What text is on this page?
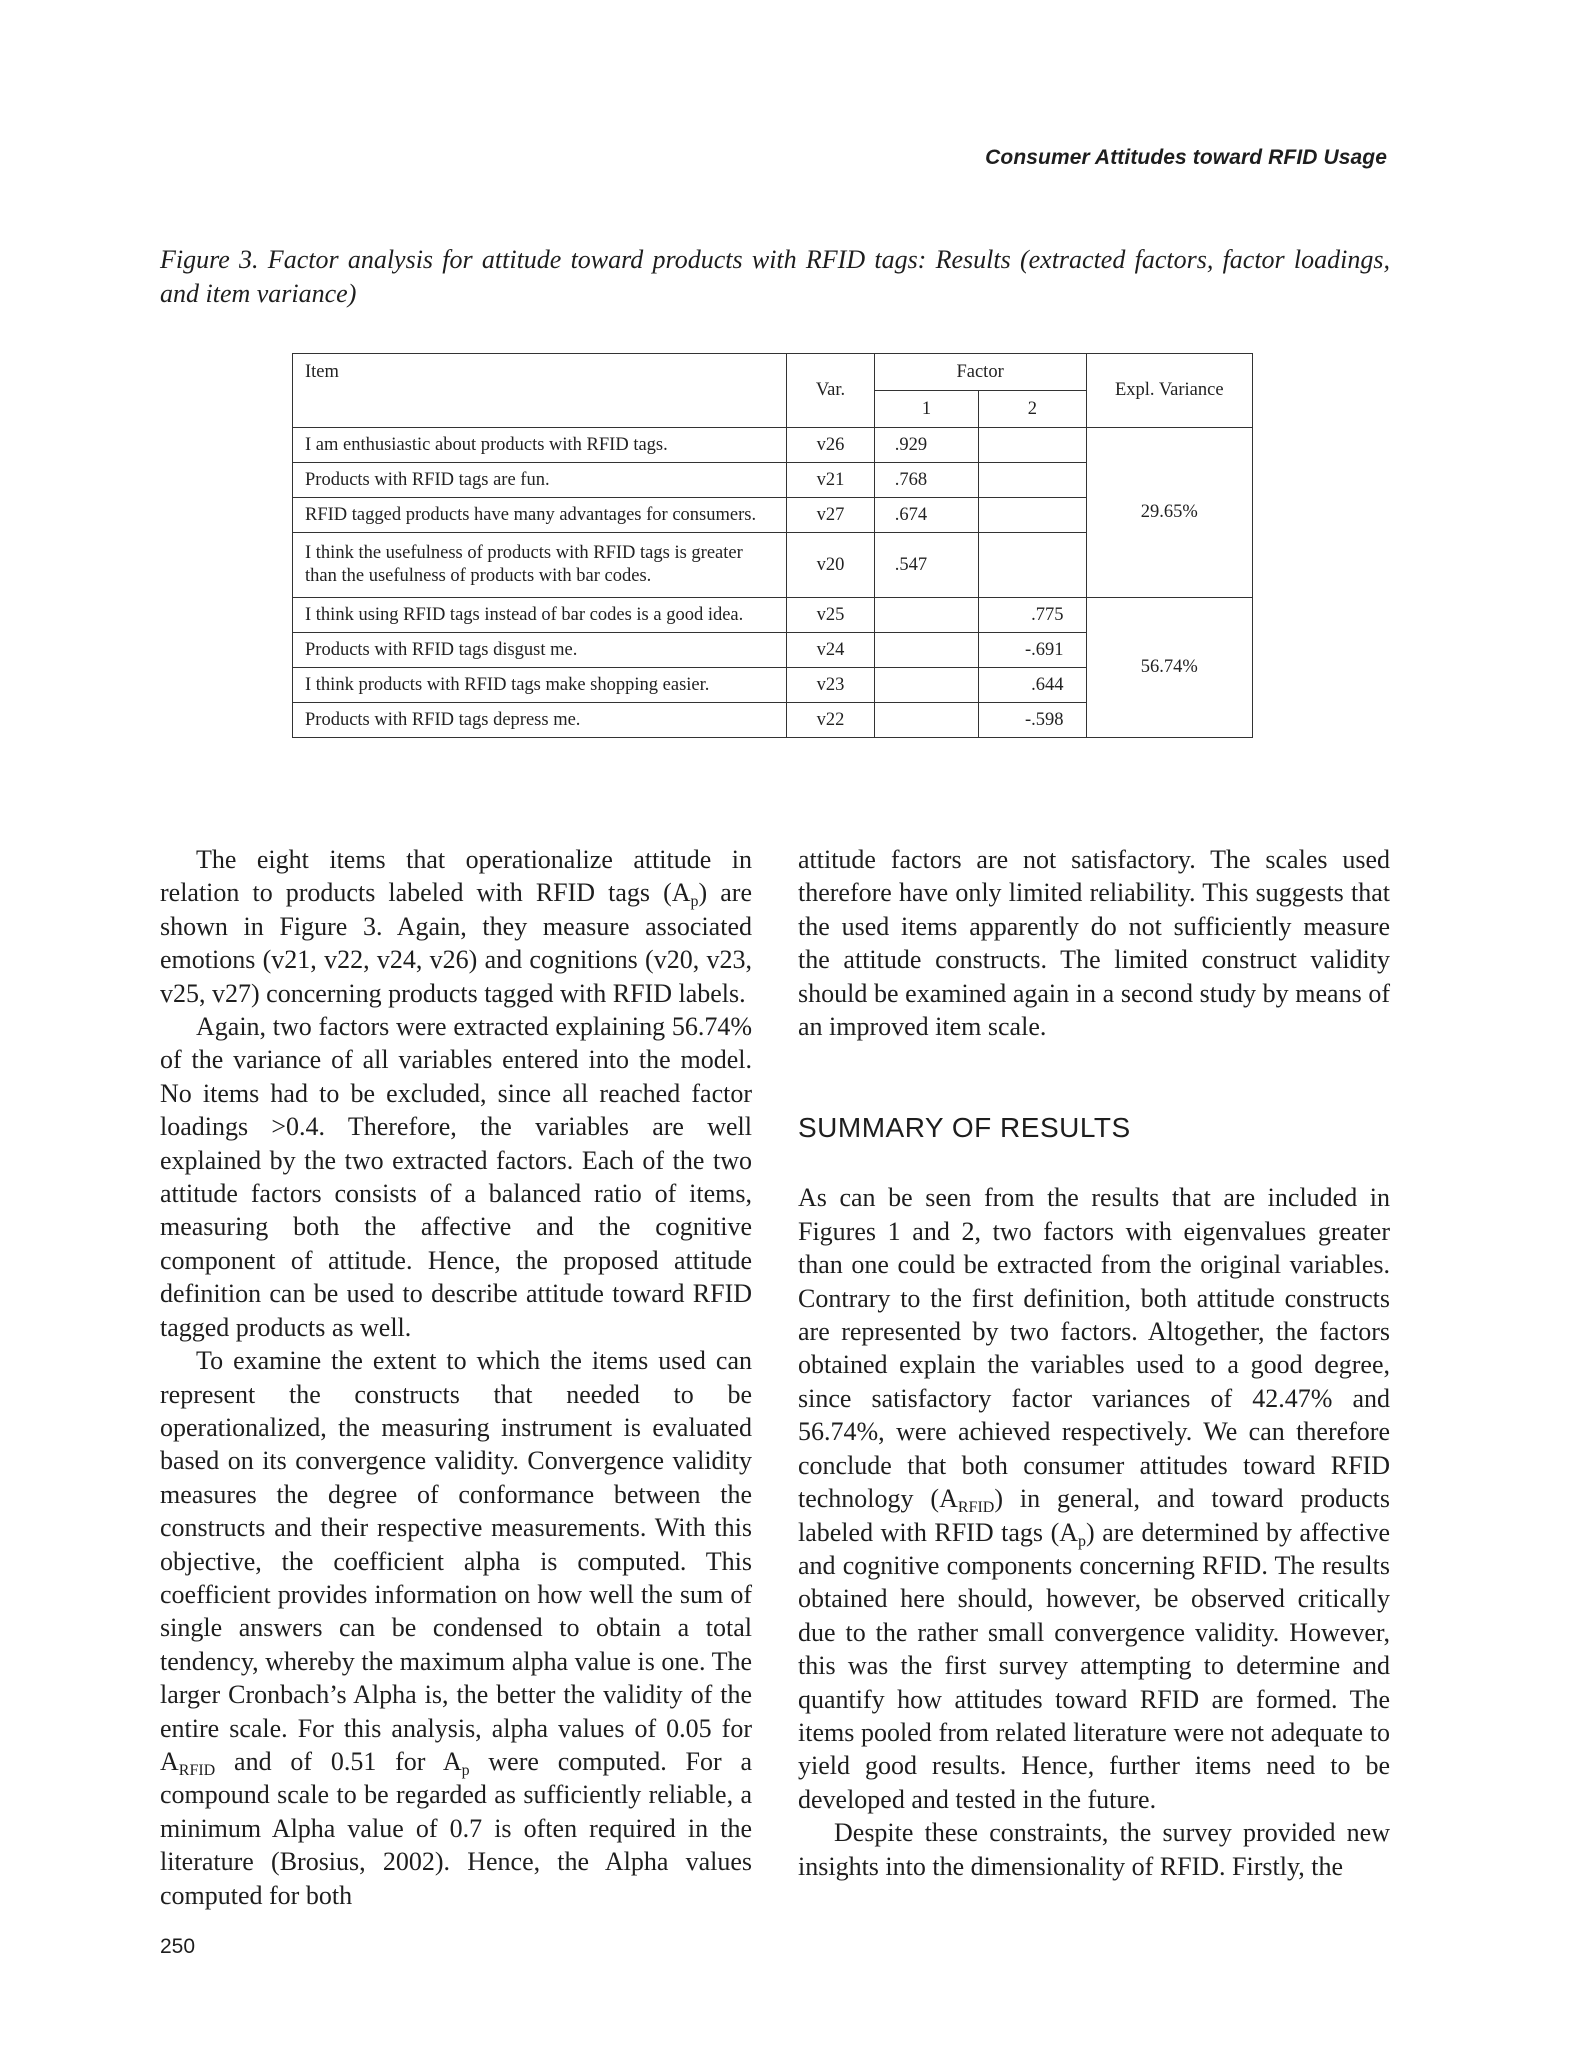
Consumer Attitudes toward RFID Usage
Figure 3. Factor analysis for attitude toward products with RFID tags: Results (extracted factors, factor loadings, and item variance)
Item	Var.	Factor		Expl. Variance
		1	2	
I am enthusiastic about products with RFID tags.	v26	.929		29.65%
Products with RFID tags are fun.	v21	.768		
RFID tagged products have many advantages for consumers.	v27	.674		
I think the usefulness of products with RFID tags is greater than the usefulness of products with bar codes.	v20	.547		
I think using RFID tags instead of bar codes is a good idea.	v25		.775	56.74%
Products with RFID tags disgust me.	v24		-.691	
I think products with RFID tags make shopping easier.	v23		.644	
Products with RFID tags depress me.	v22		-.598	

The eight items that operationalize attitude in relation to products labeled with RFID tags $(A_p)$ are shown in Figure 3. Again, they measure associated emotions (v21, v22, v24, v26) and cognitions (v20, v23, v25, v27) concerning products tagged with RFID labels.

Again, two factors were extracted explaining 56.74% of the variance of all variables entered into the model. No items had to be excluded, since all reached factor loadings >0.4. Therefore, the variables are well explained by the two extracted factors. Each of the two attitude factors consists of a balanced ratio of items, measuring both the affective and the cognitive component of attitude. Hence, the proposed attitude definition can be used to describe attitude toward RFID tagged products as well.

To examine the extent to which the items used can represent the constructs that needed to be operationalized, the measuring instrument is evaluated based on its convergence validity. Convergence validity measures the degree of conformance between the constructs and their respective measurements. With this objective, the coefficient alpha is computed. This coefficient provides information on how well the sum of single answers can be condensed to obtain a total tendency, whereby the maximum alpha value is one. The larger Cronbach’s Alpha is, the better the validity of the entire scale. For this analysis, alpha values of 0.05 for $A_{RFID}$ and of 0.51 for $A_p$ were computed. For a compound scale to be regarded as sufficiently reliable, a minimum Alpha value of 0.7 is often required in the literature (Brosius, 2002). Hence, the Alpha values computed for both

attitude factors are not satisfactory. The scales used therefore have only limited reliability. This suggests that the used items apparently do not sufficiently measure the attitude constructs. The limited construct validity should be examined again in a second study by means of an improved item scale.

SUMMARY OF RESULTS

As can be seen from the results that are included in Figures 1 and 2, two factors with eigenvalues greater than one could be extracted from the original variables. Contrary to the first definition, both attitude constructs are represented by two factors. Altogether, the factors obtained explain the variables used to a good degree, since satisfactory factor variances of 42.47% and 56.74%, were achieved respectively. We can therefore conclude that both consumer attitudes toward RFID technology $(A_{RFID})$ in general, and toward products labeled with RFID tags $(A_p)$ are determined by affective and cognitive components concerning RFID. The results obtained here should, however, be observed critically due to the rather small convergence validity. However, this was the first survey attempting to determine and quantify how attitudes toward RFID are formed. The items pooled from related literature were not adequate to yield good results. Hence, further items need to be developed and tested in the future.

Despite these constraints, the survey provided new insights into the dimensionality of RFID. Firstly, the

250
